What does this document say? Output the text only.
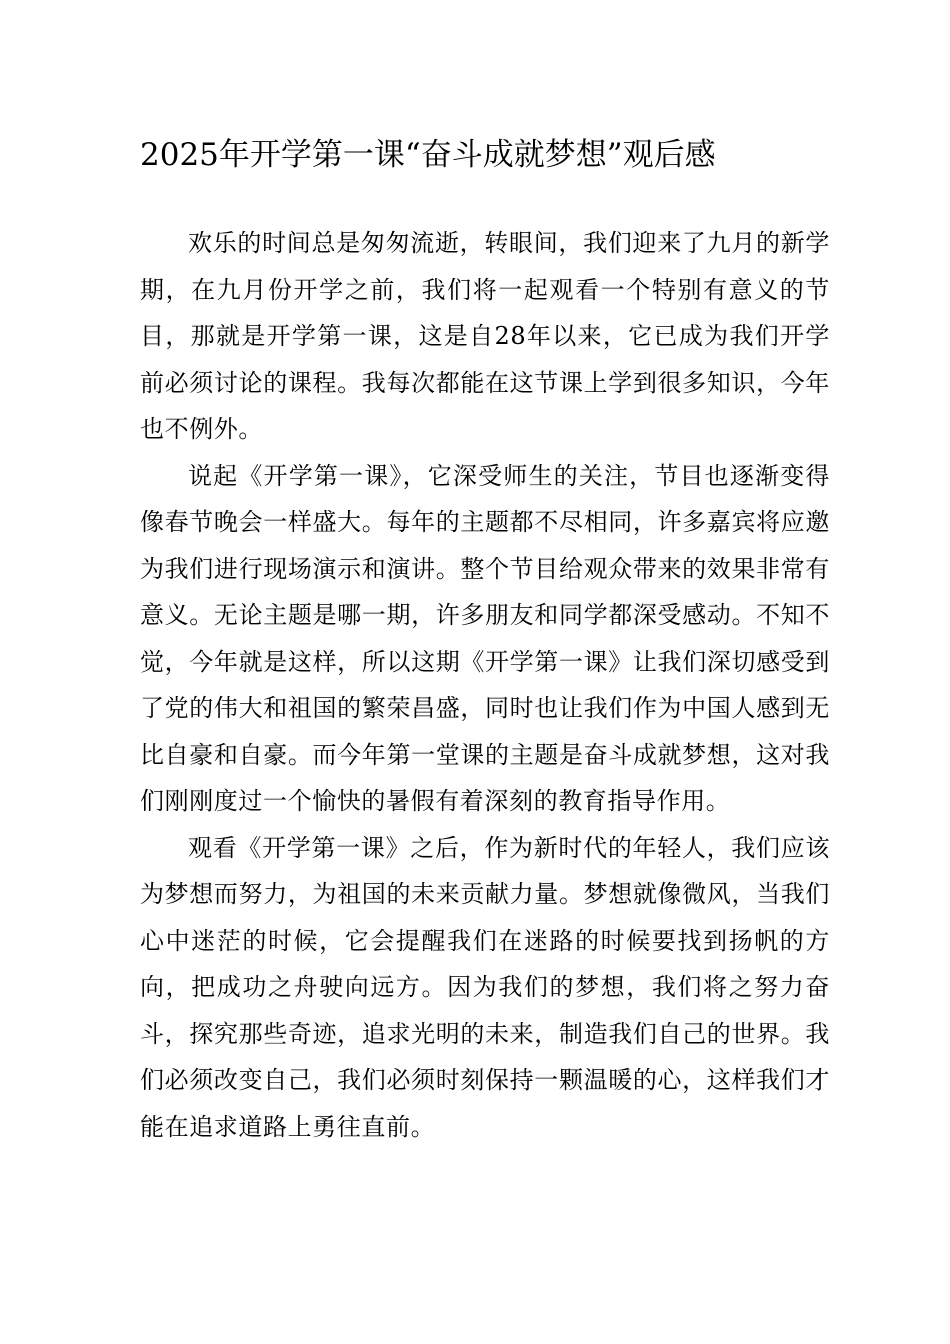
2025年开学第一课“奋斗成就梦想”观后感

欢乐的时间总是匆匆流逝，转眼间，我们迎来了九月的新学期，在九月份开学之前，我们将一起观看一个特别有意义的节目，那就是开学第一课，这是自28年以来，它已成为我们开学前必须讨论的课程。我每次都能在这节课上学到很多知识，今年也不例外。

说起《开学第一课》，它深受师生的关注，节目也逐渐变得像春节晚会一样盛大。每年的主题都不尽相同，许多嘉宾将应邀为我们进行现场演示和演讲。整个节目给观众带来的效果非常有意义。无论主题是哪一期，许多朋友和同学都深受感动。不知不觉，今年就是这样，所以这期《开学第一课》让我们深切感受到了党的伟大和祖国的繁荣昌盛，同时也让我们作为中国人感到无比自豪和自豪。而今年第一堂课的主题是奋斗成就梦想，这对我们刚刚度过一个愉快的暑假有着深刻的教育指导作用。

观看《开学第一课》之后，作为新时代的年轻人，我们应该为梦想而努力，为祖国的未来贡献力量。梦想就像微风，当我们心中迷茫的时候，它会提醒我们在迷路的时候要找到扬帆的方向，把成功之舟驶向远方。因为我们的梦想，我们将之努力奋斗，探究那些奇迹，追求光明的未来，制造我们自己的世界。我们必须改变自己，我们必须时刻保持一颗温暖的心，这样我们才能在追求道路上勇往直前。
